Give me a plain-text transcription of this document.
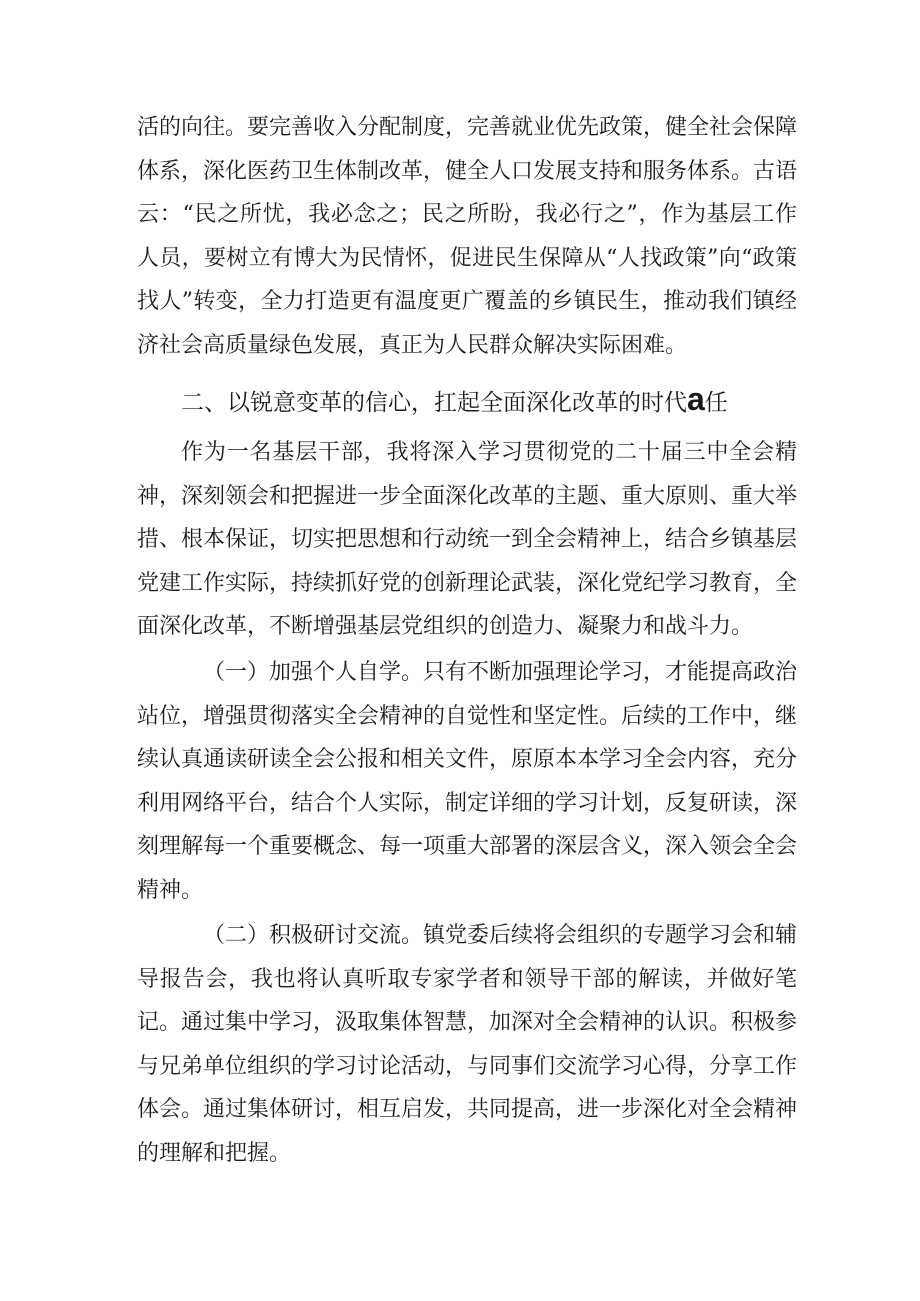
活的向往。要完善收入分配制度，完善就业优先政策，健全社会保障体系，深化医药卫生体制改革，健全人口发展支持和服务体系。古语云：“民之所忧，我必念之；民之所盼，我必行之”，作为基层工作人员，要树立有博大为民情怀，促进民生保障从“人找政策”向“政策找人”转变，全力打造更有温度更广覆盖的乡镇民生，推动我们镇经济社会高质量绿色发展，真正为人民群众解决实际困难。
二、以锐意变革的信心，扛起全面深化改革的时代a任
作为一名基层干部，我将深入学习贯彻党的二十届三中全会精神，深刻领会和把握进一步全面深化改革的主题、重大原则、重大举措、根本保证，切实把思想和行动统一到全会精神上，结合乡镇基层党建工作实际，持续抓好党的创新理论武装，深化党纪学习教育，全面深化改革，不断增强基层党组织的创造力、凝聚力和战斗力。
（一）加强个人自学。只有不断加强理论学习，才能提高政治站位，增强贯彻落实全会精神的自觉性和坚定性。后续的工作中，继续认真通读研读全会公报和相关文件，原原本本学习全会内容，充分利用网络平台，结合个人实际，制定详细的学习计划，反复研读，深刻理解每一个重要概念、每一项重大部署的深层含义，深入领会全会精神。
（二）积极研讨交流。镇党委后续将会组织的专题学习会和辅导报告会，我也将认真听取专家学者和领导干部的解读，并做好笔记。通过集中学习，汲取集体智慧，加深对全会精神的认识。积极参与兄弟单位组织的学习讨论活动，与同事们交流学习心得，分享工作体会。通过集体研讨，相互启发，共同提高，进一步深化对全会精神的理解和把握。
